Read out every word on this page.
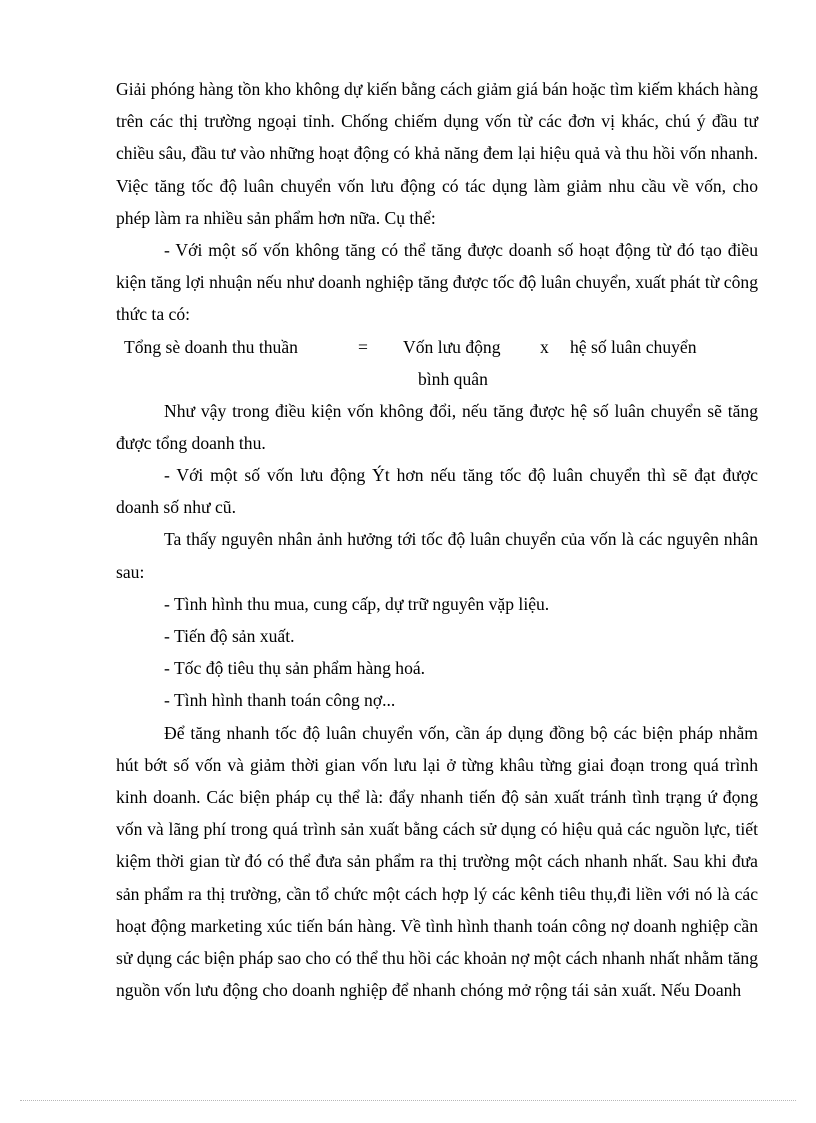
Giải phóng hàng tồn kho không dự kiến bằng cách giảm giá bán hoặc tìm kiếm khách hàng trên các thị trường ngoại tỉnh. Chống chiếm dụng vốn từ các đơn vị khác, chú ý đầu tư chiều sâu, đầu tư vào những hoạt động có khả năng đem lại hiệu quả và thu hồi vốn nhanh. Việc tăng tốc độ luân chuyển vốn lưu động có tác dụng làm giảm nhu cầu về vốn, cho phép làm ra nhiều sản phẩm hơn nữa. Cụ thể:

- Với một số vốn không tăng có thể tăng được doanh số hoạt động từ đó tạo điều kiện tăng lợi nhuận nếu như doanh nghiệp tăng được tốc độ luân chuyển, xuất phát từ công thức ta có:

Tổng sè doanh thu thuần	= Vốn lưu động x hệ số luân chuyển
bình quân

Như vậy trong điều kiện vốn không đổi, nếu tăng được hệ số luân chuyển sẽ tăng được tổng doanh thu.

- Với một số vốn lưu động Ýt hơn nếu tăng tốc độ luân chuyển thì sẽ đạt được doanh số như cũ.

Ta thấy nguyên nhân ảnh hưởng tới tốc độ luân chuyển của vốn là các nguyên nhân sau:

- Tình hình thu mua, cung cấp, dự trữ nguyên vặp liệu.

- Tiến độ sản xuất.

- Tốc độ tiêu thụ sản phẩm hàng hoá.

- Tình hình thanh toán công nợ...

Để tăng nhanh tốc độ luân chuyển vốn, cần áp dụng đồng bộ các biện pháp nhằm hút bớt số vốn và giảm thời gian vốn lưu lại ở từng khâu từng giai đoạn trong quá trình kinh doanh. Các biện pháp cụ thể là: đẩy nhanh tiến độ sản xuất tránh tình trạng ứ đọng vốn và lãng phí trong quá trình sản xuất bằng cách sử dụng có hiệu quả các nguồn lực, tiết kiệm thời gian từ đó có thể đưa sản phẩm ra thị trường một cách nhanh nhất. Sau khi đưa sản phẩm ra thị trường, cần tổ chức một cách hợp lý các kênh tiêu thụ,đi liền với nó là các hoạt động marketing xúc tiến bán hàng. Về tình hình thanh toán công nợ doanh nghiệp cần sử dụng các biện pháp sao cho có thể thu hồi các khoản nợ một cách nhanh nhất nhằm tăng nguồn vốn lưu động cho doanh nghiệp để nhanh chóng mở rộng tái sản xuất. Nếu Doanh
